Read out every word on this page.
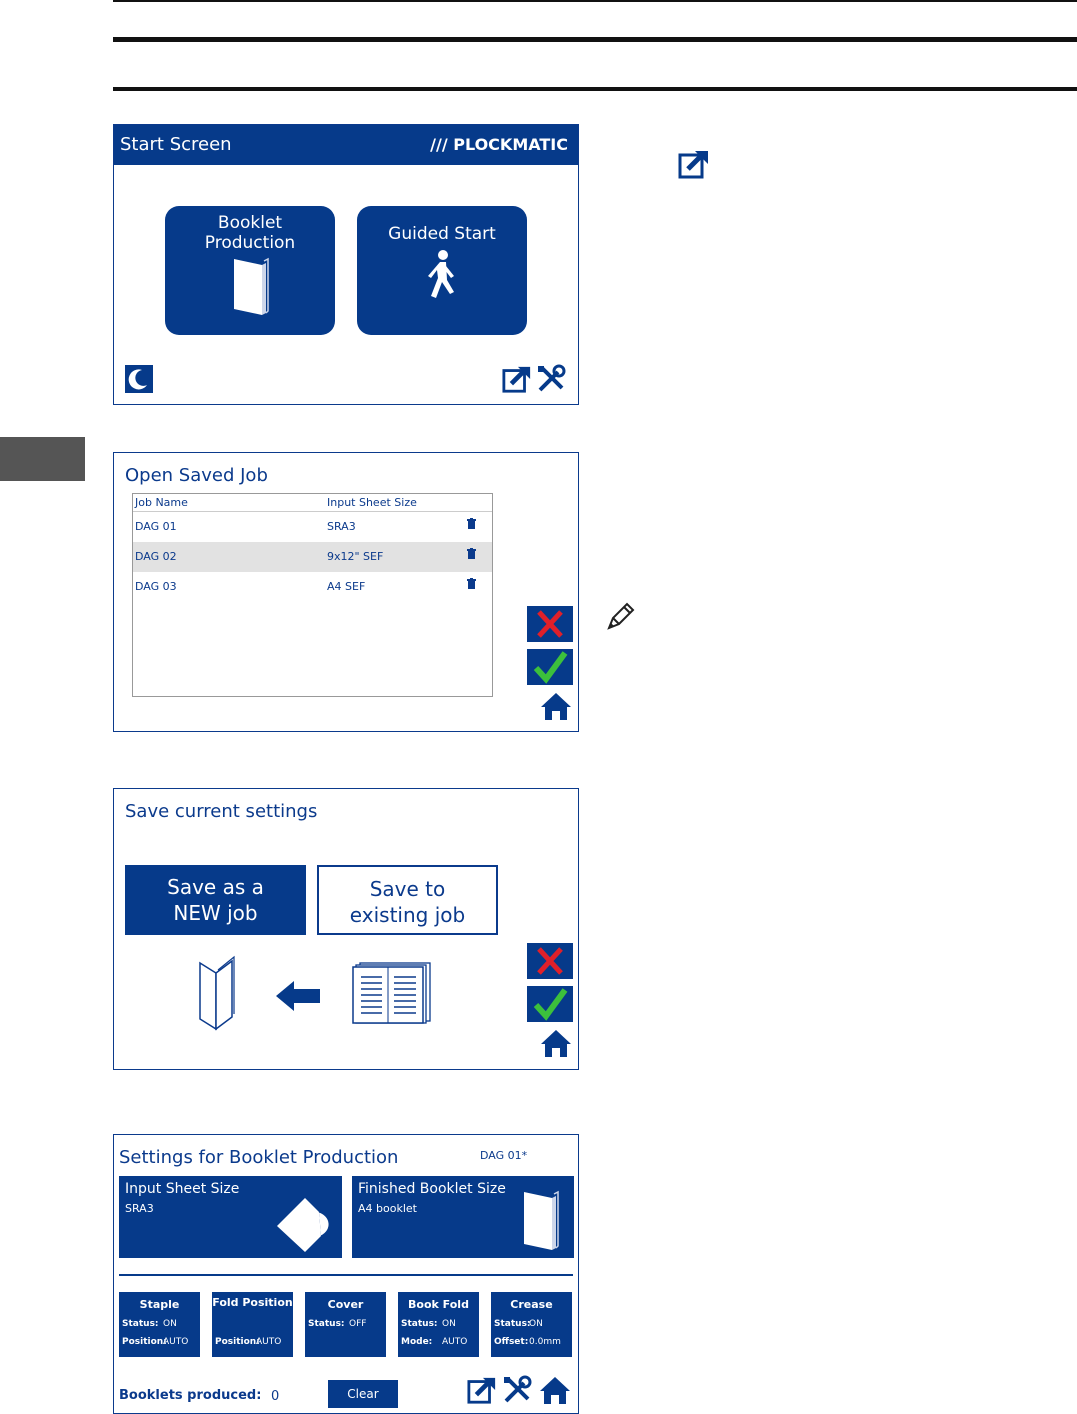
Start Screen	/// PLOCKMATIC
Booklet
Production	Guided Start
z
Open Saved Job
Job Name	Input Sheet Size
DAG 01	SRA3
DAG 02	9x12" SEF
DAG 03	A4 SEF
Save current settings
Save as a
NEW job
Save to
existing job
Settings for Booklet Production	DAG 01*
Input Sheet Size
SRA3
Finished Booklet Size
A4 booklet
Staple
Status: ON
Position:
AUTO
Fold Position
Position:
AUTO
Cover
Status: OFF
Book Fold
Status: ON
Mode: AUTO
Crease
Status:
ON
Offset: 0.0mm
Booklets produced: 0	Clear
